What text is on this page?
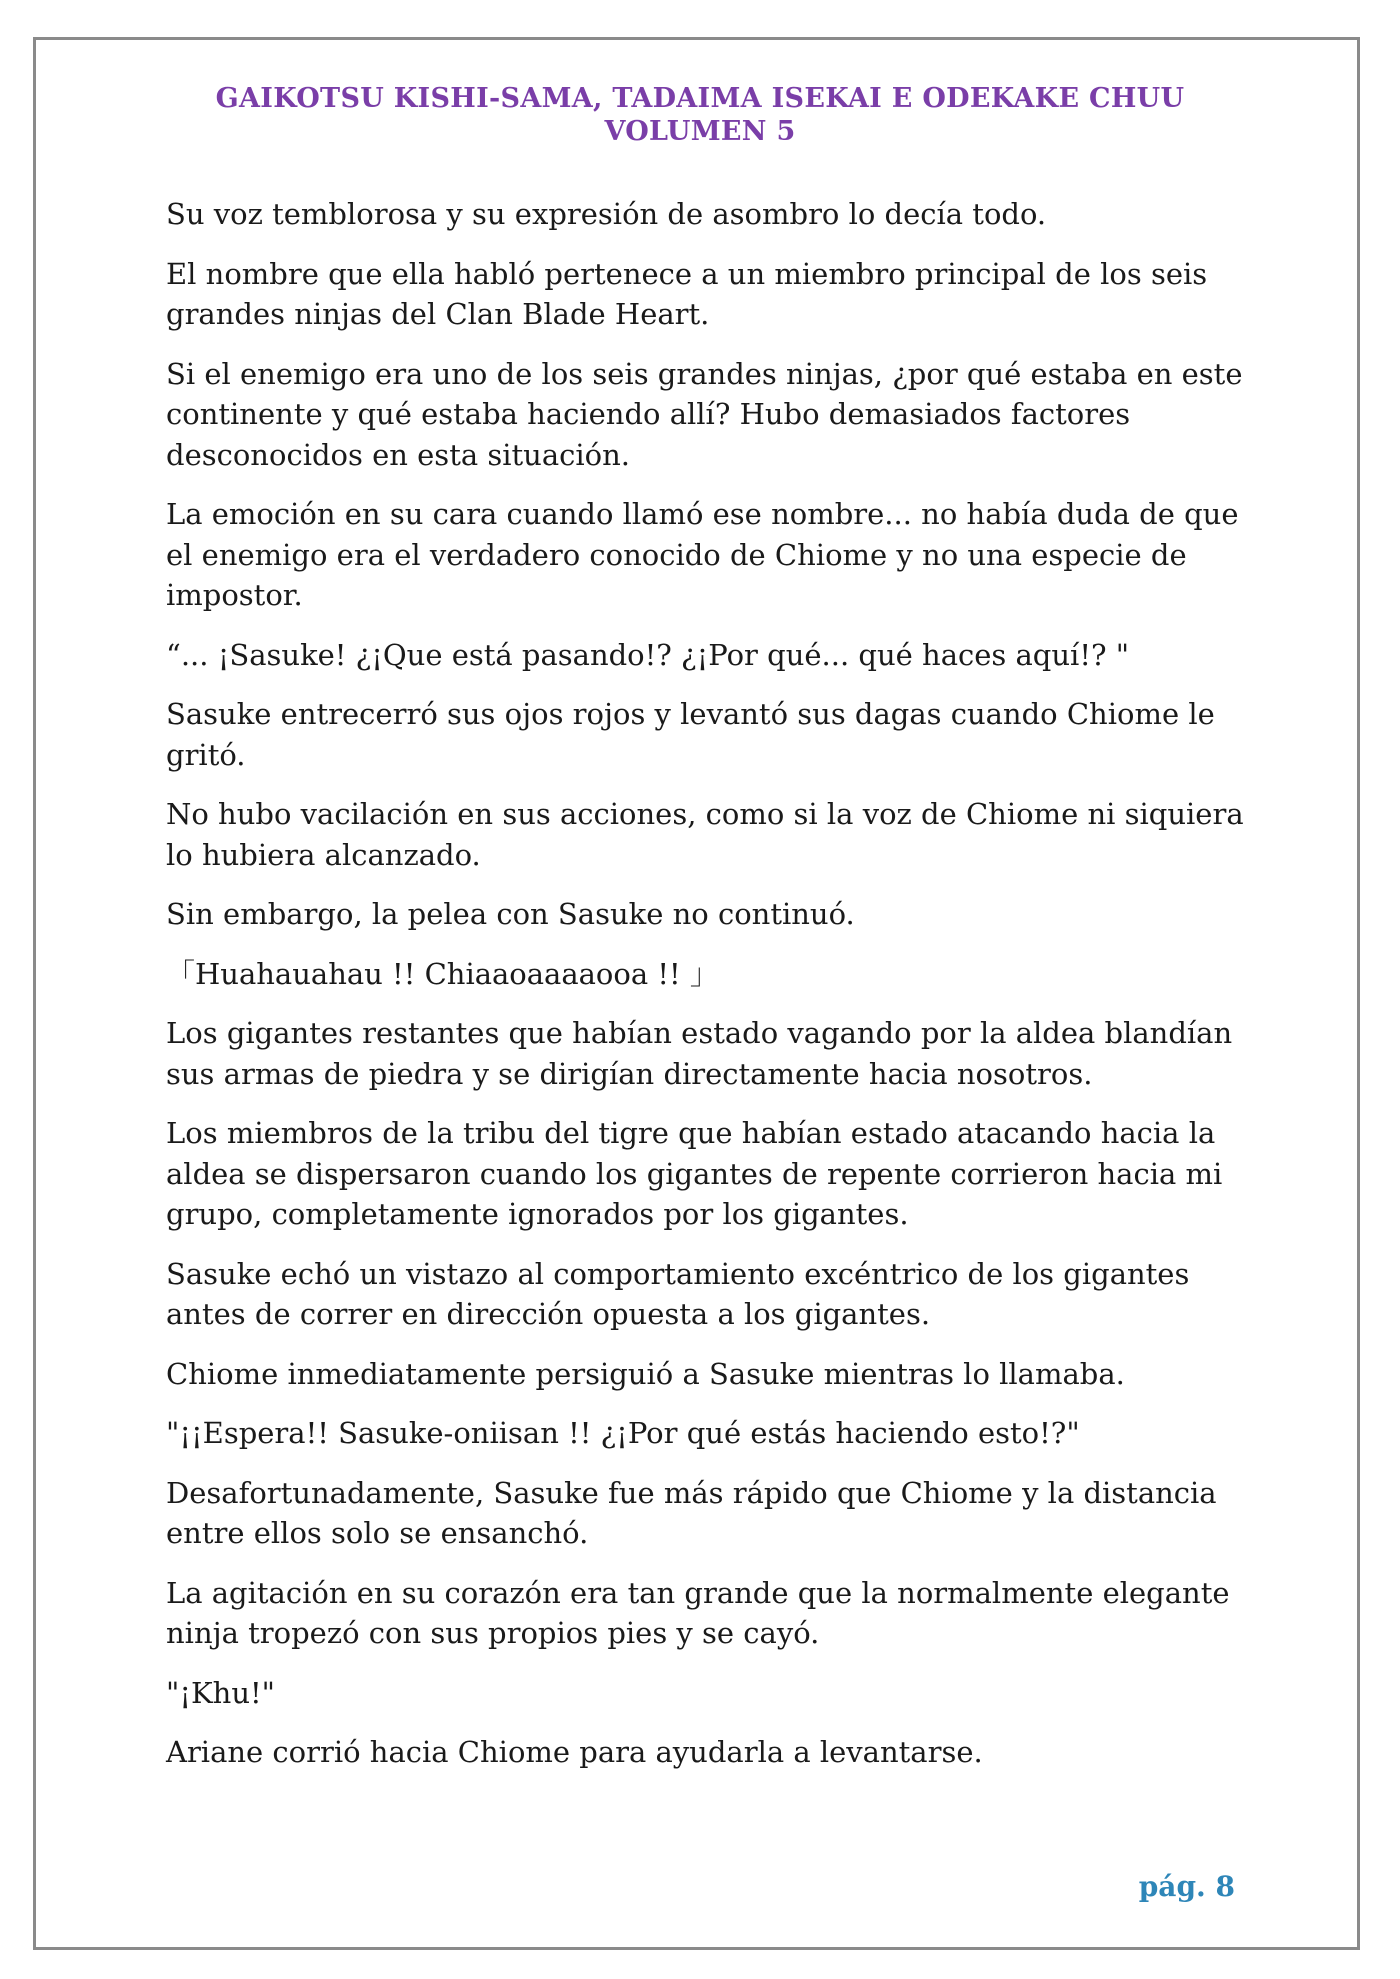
GAIKOTSU KISHI-SAMA, TADAIMA ISEKAI E ODEKAKE CHUU
VOLUMEN 5

Su voz temblorosa y su expresión de asombro lo decía todo.

El nombre que ella habló pertenece a un miembro principal de los seis grandes ninjas del Clan Blade Heart.

Si el enemigo era uno de los seis grandes ninjas, ¿por qué estaba en este continente y qué estaba haciendo allí? Hubo demasiados factores desconocidos en esta situación.

La emoción en su cara cuando llamó ese nombre... no había duda de que el enemigo era el verdadero conocido de Chiome y no una especie de impostor.

“... ¡Sasuke! ¿¡Que está pasando!? ¿¡Por qué... qué haces aquí!? "

Sasuke entrecerró sus ojos rojos y levantó sus dagas cuando Chiome le gritó.

No hubo vacilación en sus acciones, como si la voz de Chiome ni siquiera lo hubiera alcanzado.

Sin embargo, la pelea con Sasuke no continuó.

「Huahauahau !! Chiaaoaaaaooa !! 」

Los gigantes restantes que habían estado vagando por la aldea blandían sus armas de piedra y se dirigían directamente hacia nosotros.

Los miembros de la tribu del tigre que habían estado atacando hacia la aldea se dispersaron cuando los gigantes de repente corrieron hacia mi grupo, completamente ignorados por los gigantes.

Sasuke echó un vistazo al comportamiento excéntrico de los gigantes antes de correr en dirección opuesta a los gigantes.

Chiome inmediatamente persiguió a Sasuke mientras lo llamaba.

"¡¡Espera!! Sasuke-oniisan !! ¿¡Por qué estás haciendo esto!?"

Desafortunadamente, Sasuke fue más rápido que Chiome y la distancia entre ellos solo se ensanchó.

La agitación en su corazón era tan grande que la normalmente elegante ninja tropezó con sus propios pies y se cayó.

"¡Khu!"

Ariane corrió hacia Chiome para ayudarla a levantarse.

pág. 8
